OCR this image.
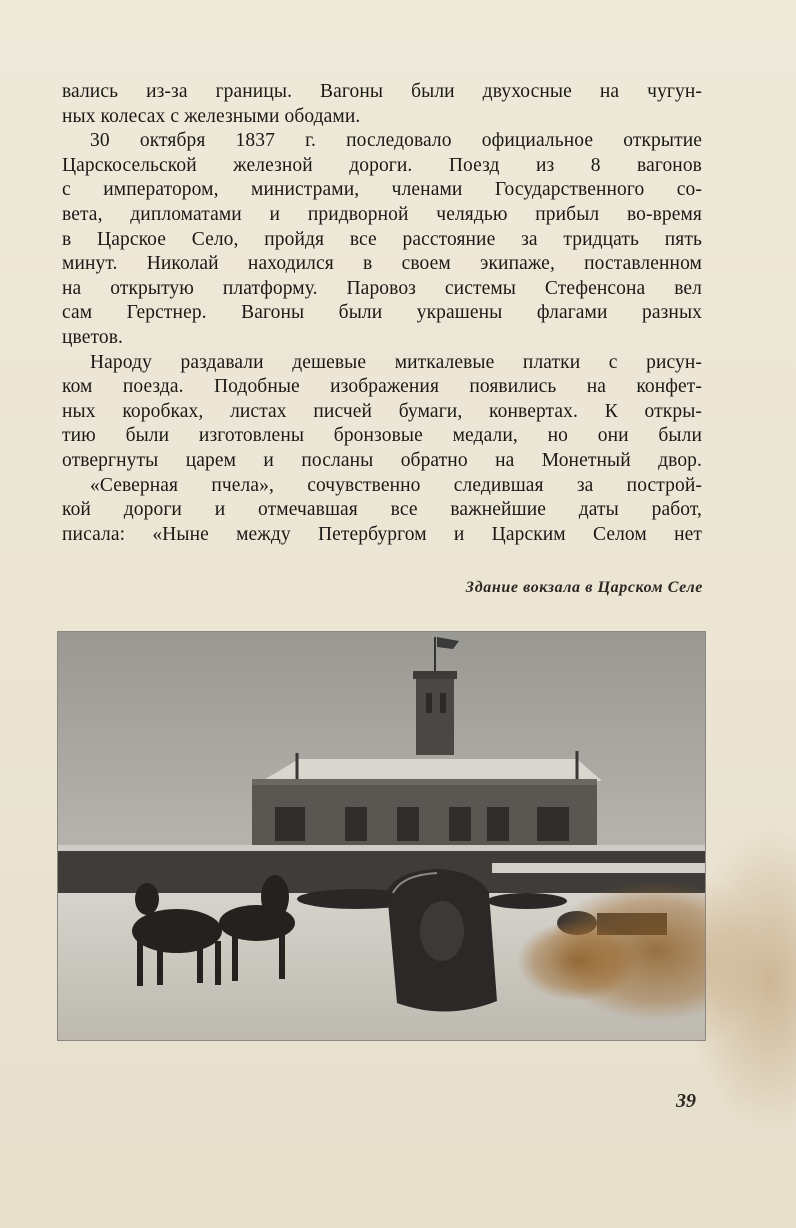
вались из-за границы. Вагоны были двухосные на чугун-

ных колесах с железными ободами.

30 октября 1837 г. последовало официальное открытие

Царскосельской железной дороги. Поезд из 8 вагонов

с императором, министрами, членами Государственного со-

вета, дипломатами и придворной челядью прибыл во-время

в Царское Село, пройдя все расстояние за тридцать пять

минут. Николай находился в своем экипаже, поставленном

на открытую платформу. Паровоз системы Стефенсона вел

сам Герстнер. Вагоны были украшены флагами разных

цветов.

Народу раздавали дешевые миткалевые платки с рисун-

ком поезда. Подобные изображения появились на конфет-

ных коробках, листах писчей бумаги, конвертах. К откры-

тию были изготовлены бронзовые медали, но они были

отвергнуты царем и посланы обратно на Монетный двор.

«Северная пчела», сочувственно следившая за построй-

кой дороги и отмечавшая все важнейшие даты работ,

писала: «Ныне между Петербургом и Царским Селом нет

Здание вокзала в Царском Селе
39
